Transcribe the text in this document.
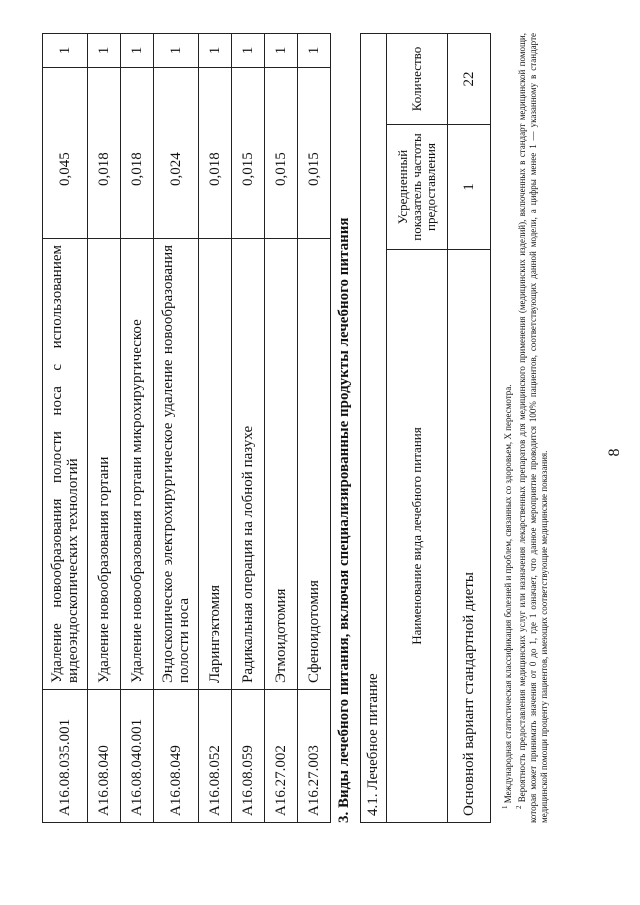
8
A16.08.035.001	Удаление новообразования полости носа с использованием видеоэндоскопических технологий	0,045	1
A16.08.040	Удаление новообразования гортани	0,018	1
A16.08.040.001	Удаление новообразования гортани микрохирургическое	0,018	1
A16.08.049	Эндоскопическое электрохирургическое удаление новообразования полости носа	0,024	1
A16.08.052	Ларингэктомия	0,018	1
A16.08.059	Радикальная операция на лобной пазухе	0,015	1
A16.27.002	Этмоидотомия	0,015	1
A16.27.003	Сфеноидотомия	0,015	1
3. Виды лечебного питания, включая специализированные продукты лечебного питания 4.1. Лечебное питание		
Наименование вида лечебного питания	Усредненный показатель частоты предоставления	Количество
Основной вариант стандартной диеты	1	22

$^1$ Международная статистическая классификация болезней и проблем, связанных со здоровьем, X пересмотра.

$^2$ Вероятность предоставления медицинских услуг или назначения лекарственных препаратов для медицинского применения (медицинских изделий), включенных в стандарт медицинской помощи, которая может принимать значения от 0 до 1, где 1 означает, что данное мероприятие проводится 100% пациентов, соответствующих данной модели, а цифры менее 1 — указанному в стандарте медицинской помощи проценту пациентов, имеющих соответствующие медицинские показания.
